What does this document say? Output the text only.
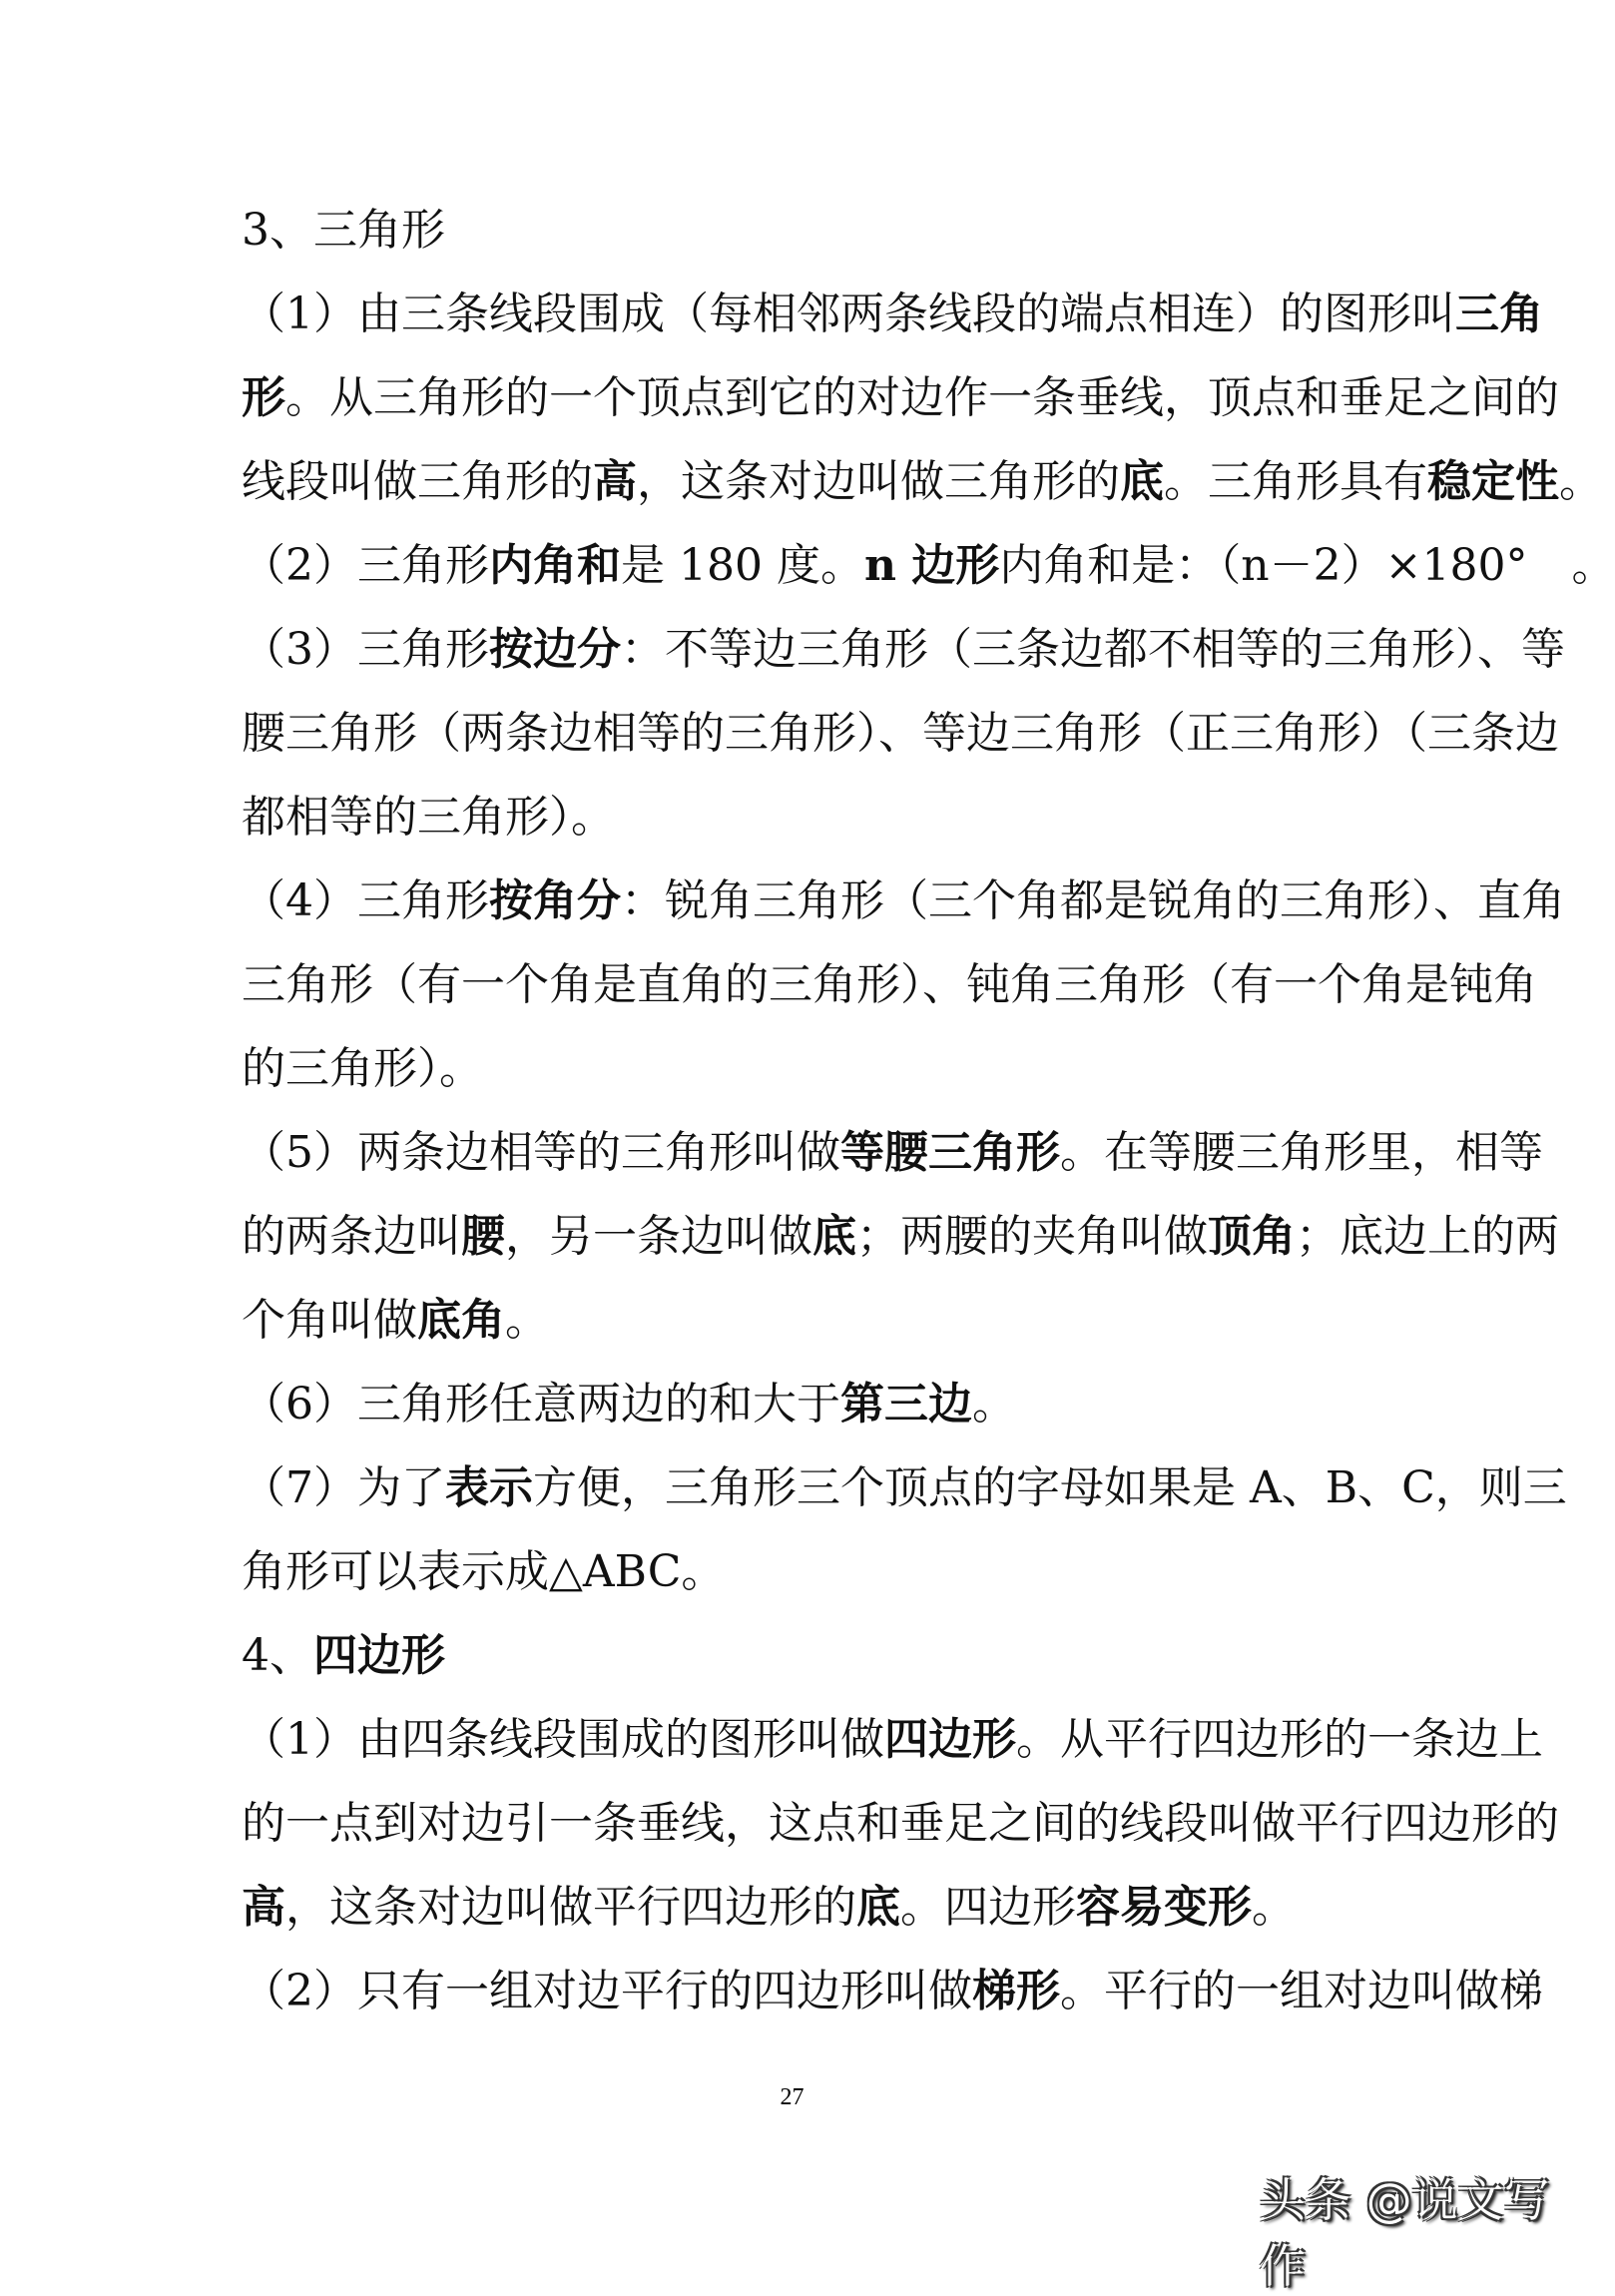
3、三角形
（1）由三条线段围成（每相邻两条线段的端点相连）的图形叫三角
形。从三角形的一个顶点到它的对边作一条垂线，顶点和垂足之间的
线段叫做三角形的高，这条对边叫做三角形的底。三角形具有稳定性。
（2）三角形内角和是 180 度。n 边形内角和是：（n－2）×180°　。
（3）三角形按边分：不等边三角形（三条边都不相等的三角形）、等
腰三角形（两条边相等的三角形）、等边三角形（正三角形）（三条边
都相等的三角形）。
（4）三角形按角分：锐角三角形（三个角都是锐角的三角形）、直角
三角形（有一个角是直角的三角形）、钝角三角形（有一个角是钝角
的三角形）。
（5）两条边相等的三角形叫做等腰三角形。在等腰三角形里，相等
的两条边叫腰，另一条边叫做底；两腰的夹角叫做顶角；底边上的两
个角叫做底角。
（6）三角形任意两边的和大于第三边。
（7）为了表示方便，三角形三个顶点的字母如果是 A、B、C，则三
角形可以表示成△ABC。
4、四边形
（1）由四条线段围成的图形叫做四边形。从平行四边形的一条边上
的一点到对边引一条垂线，这点和垂足之间的线段叫做平行四边形的
高，这条对边叫做平行四边形的底。四边形容易变形。
（2）只有一组对边平行的四边形叫做梯形。平行的一组对边叫做梯
27
头条 @说文写作
